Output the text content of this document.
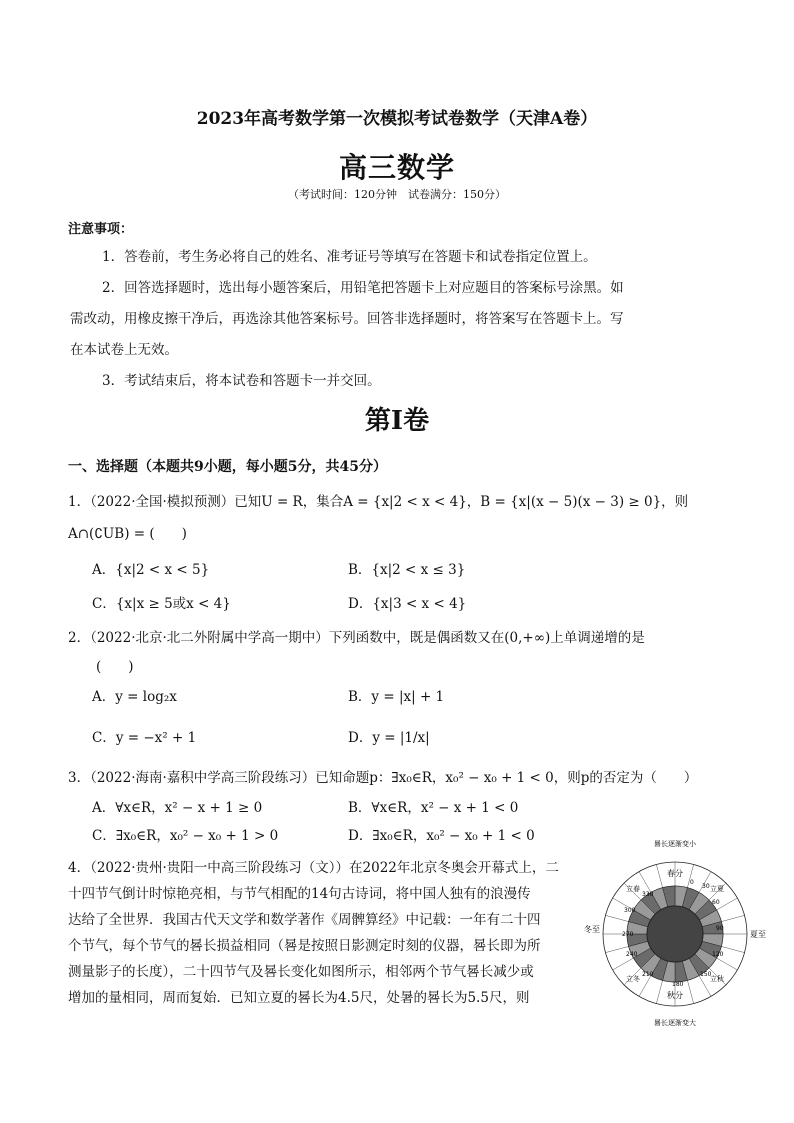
2023年高考数学第一次模拟考试卷数学（天津A卷）
高三数学
（考试时间：120分钟　试卷满分：150分）
注意事项：
1．答卷前，考生务必将自己的姓名、准考证号等填写在答题卡和试卷指定位置上。
2．回答选择题时，选出每小题答案后，用铅笔把答题卡上对应题目的答案标号涂黑。如
需改动，用橡皮擦干净后，再选涂其他答案标号。回答非选择题时，将答案写在答题卡上。写
在本试卷上无效。
3．考试结束后，将本试卷和答题卡一并交回。
第I卷
一、选择题（本题共9小题，每小题5分，共45分）
1．（2022·全国·模拟预测）已知U = R，集合A = {x|2 < x < 4}，B = {x|(x − 5)(x − 3) ≥ 0}，则
A∩(∁UB) = (　　)
A．{x|2 < x < 5}	B．{x|2 < x ≤ 3}
C．{x|x ≥ 5或x < 4}	D．{x|3 < x < 4}
2．（2022·北京·北二外附属中学高一期中）下列函数中，既是偶函数又在(0,+∞)上单调递增的是
(　　)
A．y = log₂x	B．y = |x| + 1
C．y = −x² + 1	D．y = |1/x|
3．（2022·海南·嘉积中学高三阶段练习）已知命题p：∃x₀∈R，x₀² − x₀ + 1 < 0，则p的否定为（　　）
A．∀x∈R，x² − x + 1 ≥ 0	B．∀x∈R，x² − x + 1 < 0
C．∃x₀∈R，x₀² − x₀ + 1 > 0	D．∃x₀∈R，x₀² − x₀ + 1 < 0
4．（2022·贵州·贵阳一中高三阶段练习（文））在2022年北京冬奥会开幕式上，二
十四节气倒计时惊艳亮相，与节气相配的14句古诗词，将中国人独有的浪漫传
达给了全世界．我国古代天文学和数学著作《周髀算经》中记载：一年有二十四
个节气，每个节气的晷长损益相同（晷是按照日影测定时刻的仪器，晷长即为所
测量影子的长度），二十四节气及晷长变化如图所示，相邻两个节气晷长减少或
增加的量相同，周而复始．已知立夏的晷长为4.5尺，处暑的晷长为5.5尺，则
晷长逐渐变小
春分
秋分
夏至
冬至
立夏
立春
立秋
立冬
0
30
60
90
120
150
180
210
240
270
300
330
晷长逐渐变大
